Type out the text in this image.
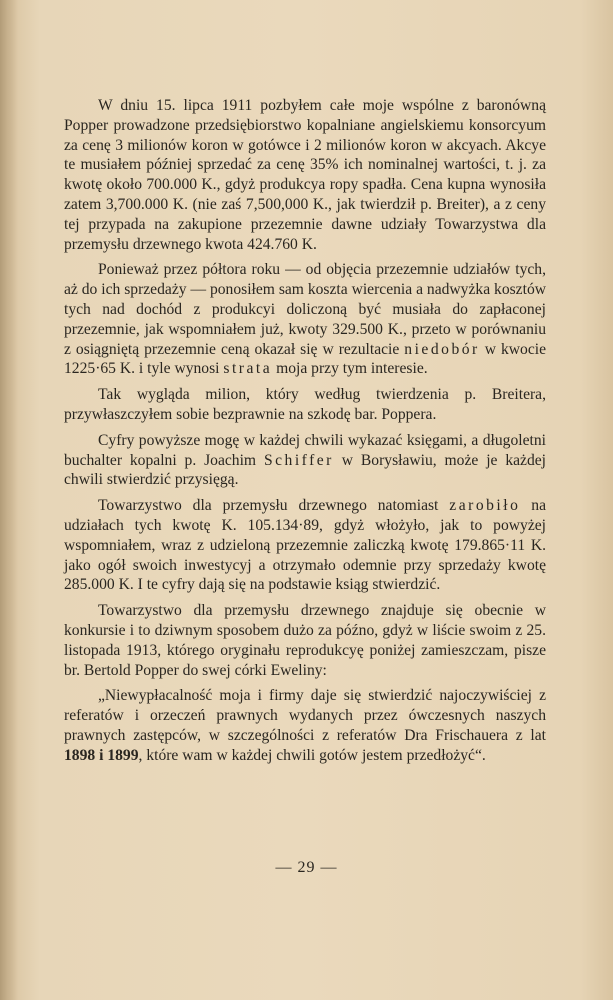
W dniu 15. lipca 1911 pozbyłem całe moje wspólne z baronówną Popper prowadzone przedsiębiorstwo kopalniane angielskiemu konsorcyum za cenę 3 milionów koron w gotówce i 2 milionów koron w akcyach. Akcye te musiałem później sprzedać za cenę 35% ich nominalnej wartości, t. j. za kwotę około 700.000 K., gdyż produkcya ropy spadła. Cena kupna wynosiła zatem 3,700.000 K. (nie zaś 7,500,000 K., jak twierdził p. Breiter), a z ceny tej przypada na zakupione przezemnie dawne udziały Towarzystwa dla przemysłu drzewnego kwota 424.760 K.

Ponieważ przez półtora roku — od objęcia przezemnie udziałów tych, aż do ich sprzedaży — ponosiłem sam koszta wiercenia a nadwyżka kosztów tych nad dochód z produkcyi doliczoną być musiała do zapłaconej przezemnie, jak wspomniałem już, kwoty 329.500 K., przeto w porównaniu z osiągniętą przezemnie ceną okazał się w rezultacie niedobór w kwocie 1225·65 K. i tyle wynosi strata moja przy tym interesie.

Tak wygląda milion, który według twierdzenia p. Breitera, przywłaszczyłem sobie bezprawnie na szkodę bar. Poppera.

Cyfry powyższe mogę w każdej chwili wykazać księgami, a długoletni buchalter kopalni p. Joachim Schiffer w Borysławiu, może je każdej chwili stwierdzić przysięgą.

Towarzystwo dla przemysłu drzewnego natomiast zarobiło na udziałach tych kwotę K. 105.134·89, gdyż włożyło, jak to powyżej wspomniałem, wraz z udzieloną przezemnie zaliczką kwotę 179.865·11 K. jako ogół swoich inwestycyj a otrzymało odemnie przy sprzedaży kwotę 285.000 K. I te cyfry dają się na podstawie ksiąg stwierdzić.

Towarzystwo dla przemysłu drzewnego znajduje się obecnie w konkursie i to dziwnym sposobem dużo za późno, gdyż w liście swoim z 25. listopada 1913, którego oryginału reprodukcyę poniżej zamieszczam, pisze br. Bertold Popper do swej córki Eweliny:

„Niewypłacalność moja i firmy daje się stwierdzić najoczywiściej z referatów i orzeczeń prawnych wydanych przez ówczesnych naszych prawnych zastępców, w szczególności z referatów Dra Frischauera z lat 1898 i 1899, które wam w każdej chwili gotów jestem przedłożyć“.

— 29 —
